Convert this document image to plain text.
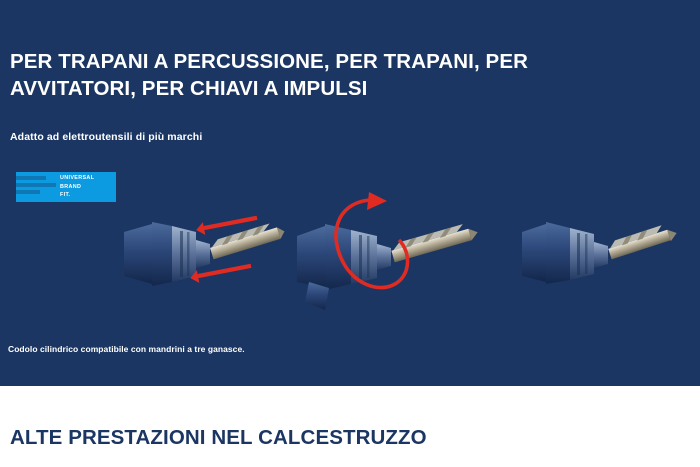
PER TRAPANI A PERCUSSIONE, PER TRAPANI, PER AVVITATORI, PER CHIAVI A IMPULSI
Adatto ad elettroutensili di più marchi
UNIVERSAL
BRAND
FIT.
Codolo cilindrico compatibile con mandrini a tre ganasce.
ALTE PRESTAZIONI NEL CALCESTRUZZO
